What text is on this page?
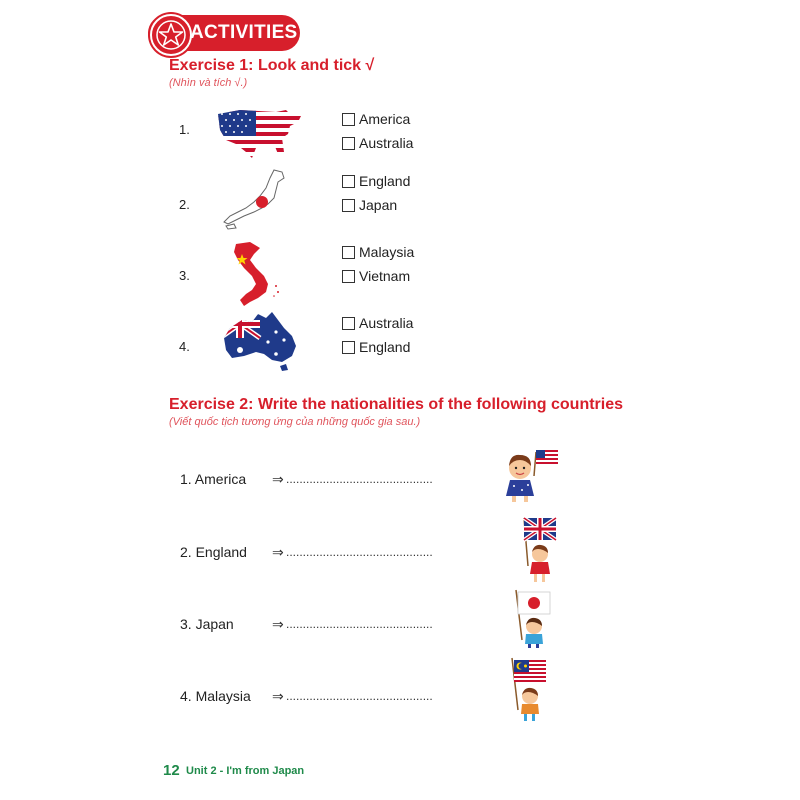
ACTIVITIES
Exercise 1: Look and tick √
(Nhìn và tích √.)
1.
America
Australia
2.
England
Japan
3.
Malaysia
Vietnam
4.
Australia
England
Exercise 2: Write the nationalities of the following countries
(Viết quốc tịch tương ứng của những quốc gia sau.)
1. America ⇒ ............................................
2. England ⇒ ............................................
3. Japan	⇒ ............................................
4. Malaysia ⇒ ............................................
12 Unit 2 - I'm from Japan
